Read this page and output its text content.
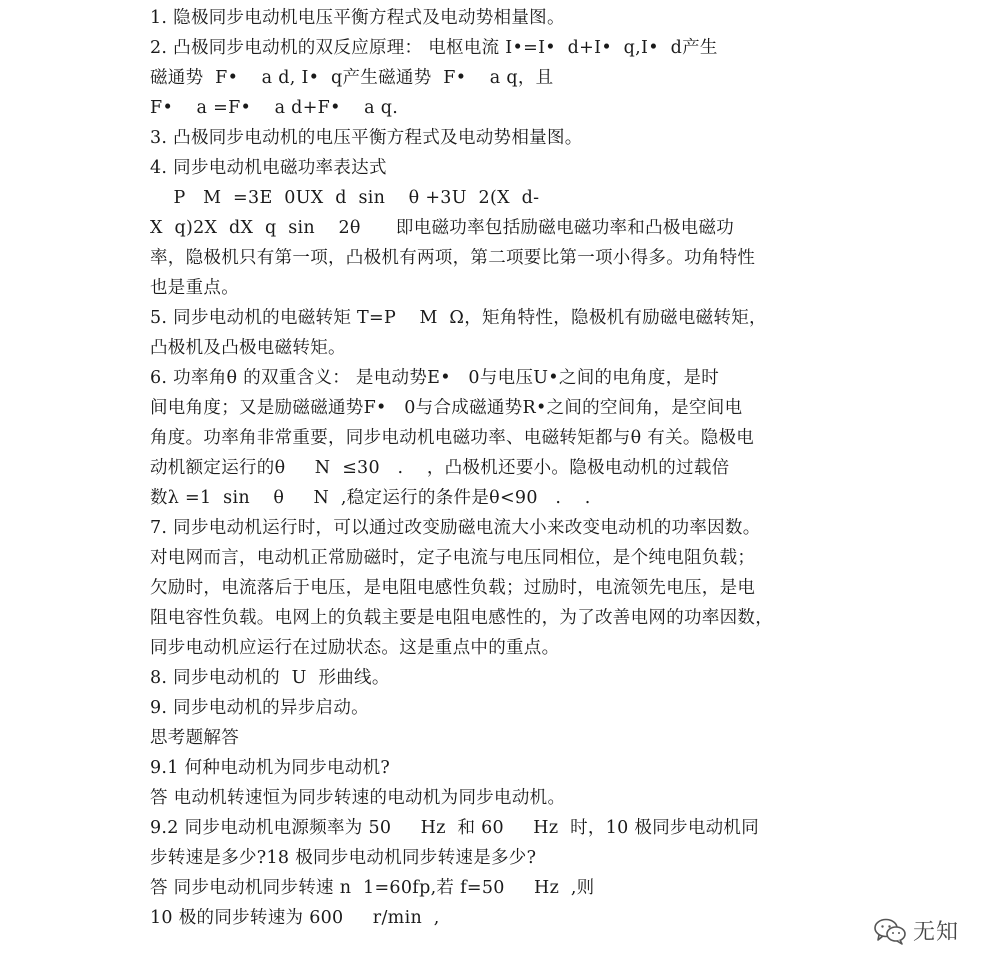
1. 隐极同步电动机电压平衡方程式及电动势相量图。
2. 凸极同步电动机的双反应原理： 电枢电流 I•=I•  d+I•  q,I•  d产生
磁通势  F•    a d, I•  q产生磁通势  F•    a q，且
F•    a =F•    a d+F•    a q.
3. 凸极同步电动机的电压平衡方程式及电动势相量图。
4. 同步电动机电磁功率表达式
P   M  =3E  0UX  d  sin    θ +3U  2(X  d-
X  q)2X  dX  q  sin    2θ      即电磁功率包括励磁电磁功率和凸极电磁功
率，隐极机只有第一项，凸极机有两项，第二项要比第一项小得多。功角特性
也是重点。
5. 同步电动机的电磁转矩 T=P    M  Ω，矩角特性，隐极机有励磁电磁转矩，
凸极机及凸极电磁转矩。
6. 功率角θ 的双重含义： 是电动势E•   0与电压U•之间的电角度，是时
间电角度；又是励磁磁通势F•   0与合成磁通势R•之间的空间角，是空间电
角度。功率角非常重要，同步电动机电磁功率、电磁转矩都与θ 有关。隐极电
动机额定运行的θ     N  ≤30   .    ，凸极机还要小。隐极电动机的过载倍
数λ =1  sin    θ     N  ,稳定运行的条件是θ<90   .    .
7. 同步电动机运行时，可以通过改变励磁电流大小来改变电动机的功率因数。
对电网而言，电动机正常励磁时，定子电流与电压同相位，是个纯电阻负载；
欠励时，电流落后于电压，是电阻电感性负载；过励时，电流领先电压，是电
阻电容性负载。电网上的负载主要是电阻电感性的，为了改善电网的功率因数，
同步电动机应运行在过励状态。这是重点中的重点。
8. 同步电动机的  U  形曲线。
9. 同步电动机的异步启动。
思考题解答
9.1 何种电动机为同步电动机?
答 电动机转速恒为同步转速的电动机为同步电动机。
9.2 同步电动机电源频率为 50     Hz  和 60     Hz  时，10 极同步电动机同
步转速是多少?18 极同步电动机同步转速是多少?
答 同步电动机同步转速 n  1=60fp,若 f=50     Hz  ,则
10 极的同步转速为 600     r/min  ,
无知
